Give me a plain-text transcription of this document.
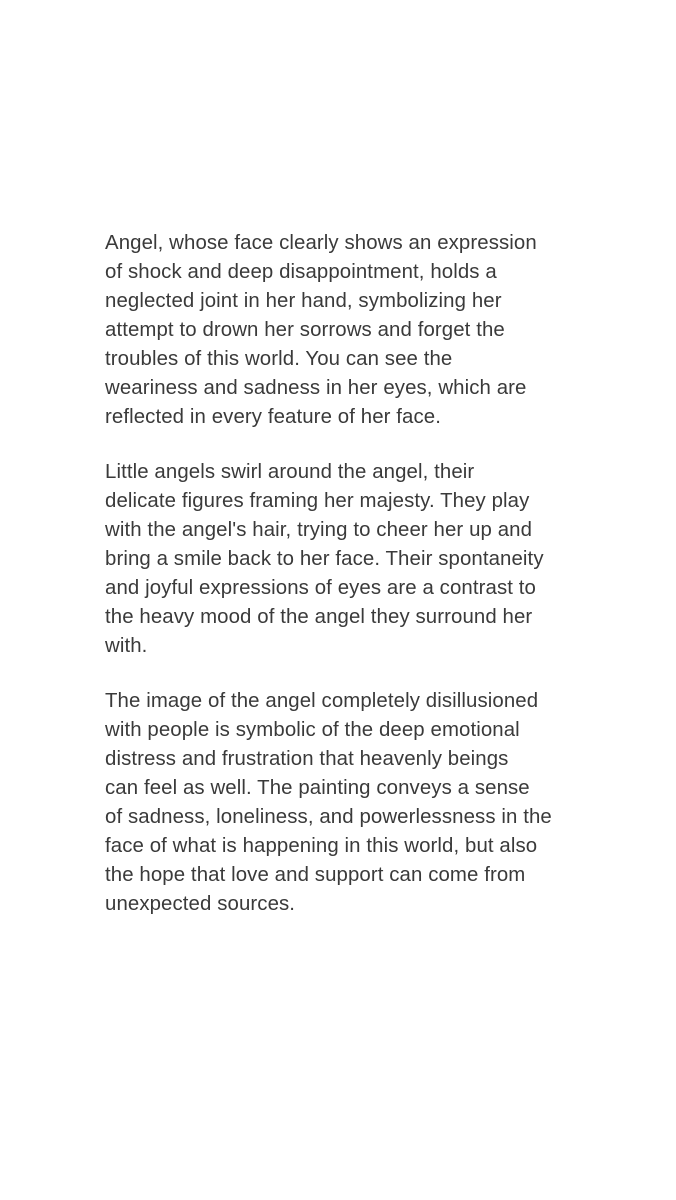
Angel, whose face clearly shows an expression
of shock and deep disappointment, holds a
neglected joint in her hand, symbolizing her
attempt to drown her sorrows and forget the
troubles of this world. You can see the
weariness and sadness in her eyes, which are
reflected in every feature of her face.

Little angels swirl around the angel, their
delicate figures framing her majesty. They play
with the angel's hair, trying to cheer her up and
bring a smile back to her face. Their spontaneity
and joyful expressions of eyes are a contrast to
the heavy mood of the angel they surround her
with.

The image of the angel completely disillusioned
with people is symbolic of the deep emotional
distress and frustration that heavenly beings
can feel as well. The painting conveys a sense
of sadness, loneliness, and powerlessness in the
face of what is happening in this world, but also
the hope that love and support can come from
unexpected sources.
